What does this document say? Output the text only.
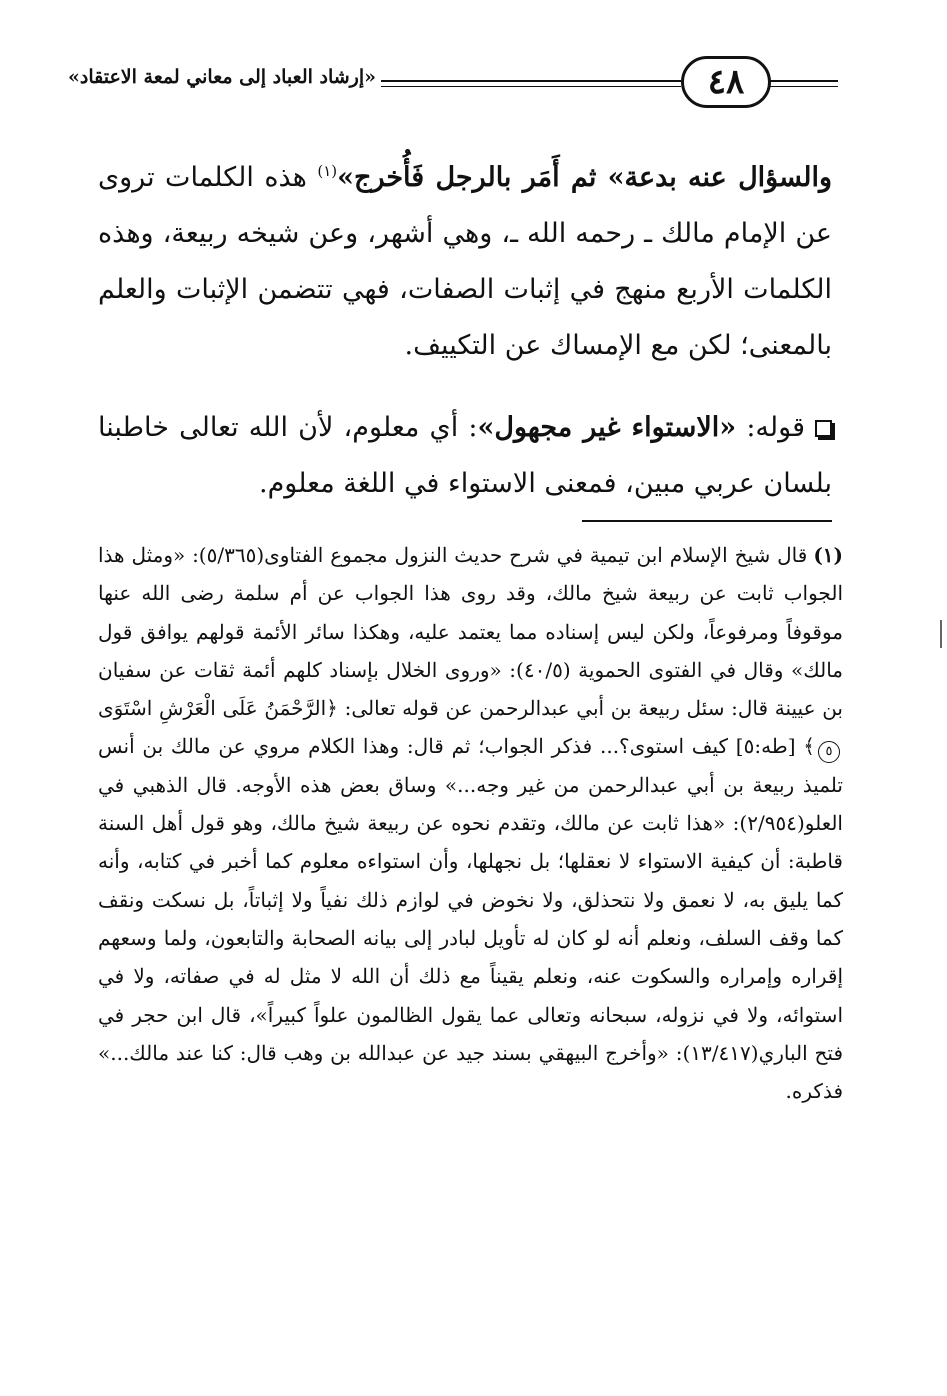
٤٨
«إرشاد العباد إلى معاني لمعة الاعتقاد»

والسؤال عنه بدعة» ثم أَمَر بالرجل فَأُخرج»$^{(١)}$ هذه الكلمات تروى عن الإمام مالك ـ رحمه الله ـ، وهي أشهر، وعن شيخه ربيعة، وهذه الكلمات الأربع منهج في إثبات الصفات، فهي تتضمن الإثبات والعلم بالمعنى؛ لكن مع الإمساك عن التكييف.

قوله: «الاستواء غير مجهول»: أي معلوم، لأن الله تعالى خاطبنا بلسان عربي مبين، فمعنى الاستواء في اللغة معلوم.

(١)قال شيخ الإسلام ابن تيمية في شرح حديث النزول مجموع الفتاوى(٥/٣٦٥): «ومثل هذا الجواب ثابت عن ربيعة شيخ مالك، وقد روى هذا الجواب عن أم سلمة رضى الله عنها موقوفاً ومرفوعاً، ولكن ليس إسناده مما يعتمد عليه، وهكذا سائر الأئمة قولهم يوافق قول مالك» وقال في الفتوى الحموية (٤٠/٥): «وروى الخلال بإسناد كلهم أئمة ثقات عن سفيان بن عيينة قال: سئل ربيعة بن أبي عبدالرحمن عن قوله تعالى: ﴿الرَّحْمَنُ عَلَى الْعَرْشِ اسْتَوَى٥﴾ [طه:٥] كيف استوى؟... فذكر الجواب؛ ثم قال: وهذا الكلام مروي عن مالك بن أنس تلميذ ربيعة بن أبي عبدالرحمن من غير وجه...» وساق بعض هذه الأوجه. قال الذهبي في العلو(٢/٩٥٤): «هذا ثابت عن مالك، وتقدم نحوه عن ربيعة شيخ مالك، وهو قول أهل السنة قاطبة: أن كيفية الاستواء لا نعقلها؛ بل نجهلها، وأن استواءه معلوم كما أخبر في كتابه، وأنه كما يليق به، لا نعمق ولا نتحذلق، ولا نخوض في لوازم ذلك نفياً ولا إثباتاً، بل نسكت ونقف كما وقف السلف، ونعلم أنه لو كان له تأويل لبادر إلى بيانه الصحابة والتابعون، ولما وسعهم إقراره وإمراره والسكوت عنه، ونعلم يقيناً مع ذلك أن الله لا مثل له في صفاته، ولا في استوائه، ولا في نزوله، سبحانه وتعالى عما يقول الظالمون علواً كبيراً»، قال ابن حجر في فتح الباري(١٣/٤١٧): «وأخرج البيهقي بسند جيد عن عبدالله بن وهب قال: كنا عند مالك...» فذكره.
